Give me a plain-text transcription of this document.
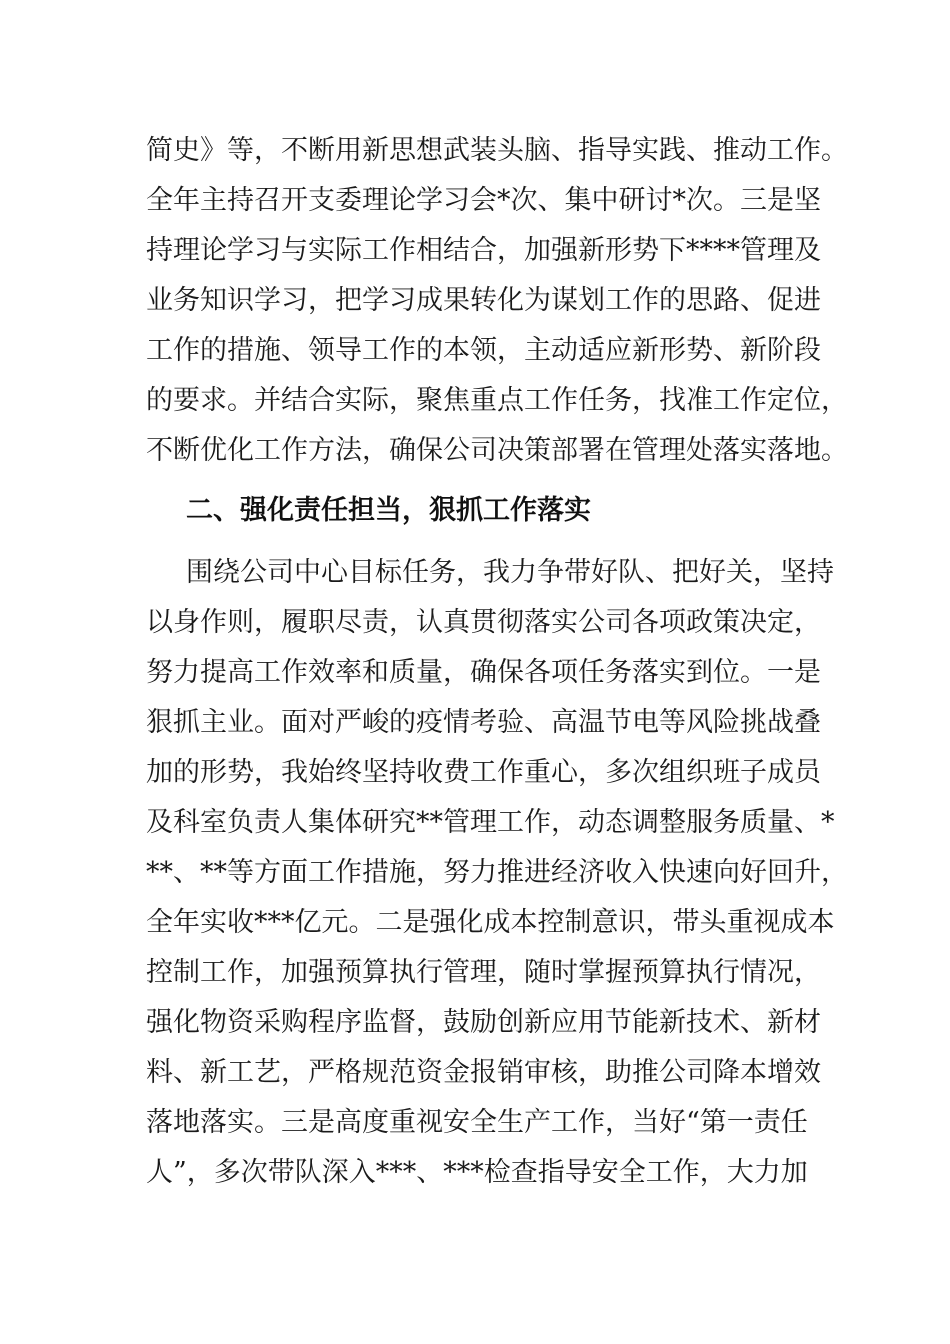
简史》等，不断用新思想武装头脑、指导实践、推动工作。
全年主持召开支委理论学习会*次、集中研讨*次。三是坚
持理论学习与实际工作相结合，加强新形势下****管理及
业务知识学习，把学习成果转化为谋划工作的思路、促进
工作的措施、领导工作的本领，主动适应新形势、新阶段
的要求。并结合实际，聚焦重点工作任务，找准工作定位，
不断优化工作方法，确保公司决策部署在管理处落实落地。
二、强化责任担当，狠抓工作落实
围绕公司中心目标任务，我力争带好队、把好关，坚持
以身作则，履职尽责，认真贯彻落实公司各项政策决定，
努力提高工作效率和质量，确保各项任务落实到位。一是
狠抓主业。面对严峻的疫情考验、高温节电等风险挑战叠
加的形势，我始终坚持收费工作重心，多次组织班子成员
及科室负责人集体研究**管理工作，动态调整服务质量、*
**、**等方面工作措施，努力推进经济收入快速向好回升，
全年实收***亿元。二是强化成本控制意识，带头重视成本
控制工作，加强预算执行管理，随时掌握预算执行情况，
强化物资采购程序监督，鼓励创新应用节能新技术、新材
料、新工艺，严格规范资金报销审核，助推公司降本增效
落地落实。三是高度重视安全生产工作，当好“第一责任
人”，多次带队深入***、***检查指导安全工作，大力加
